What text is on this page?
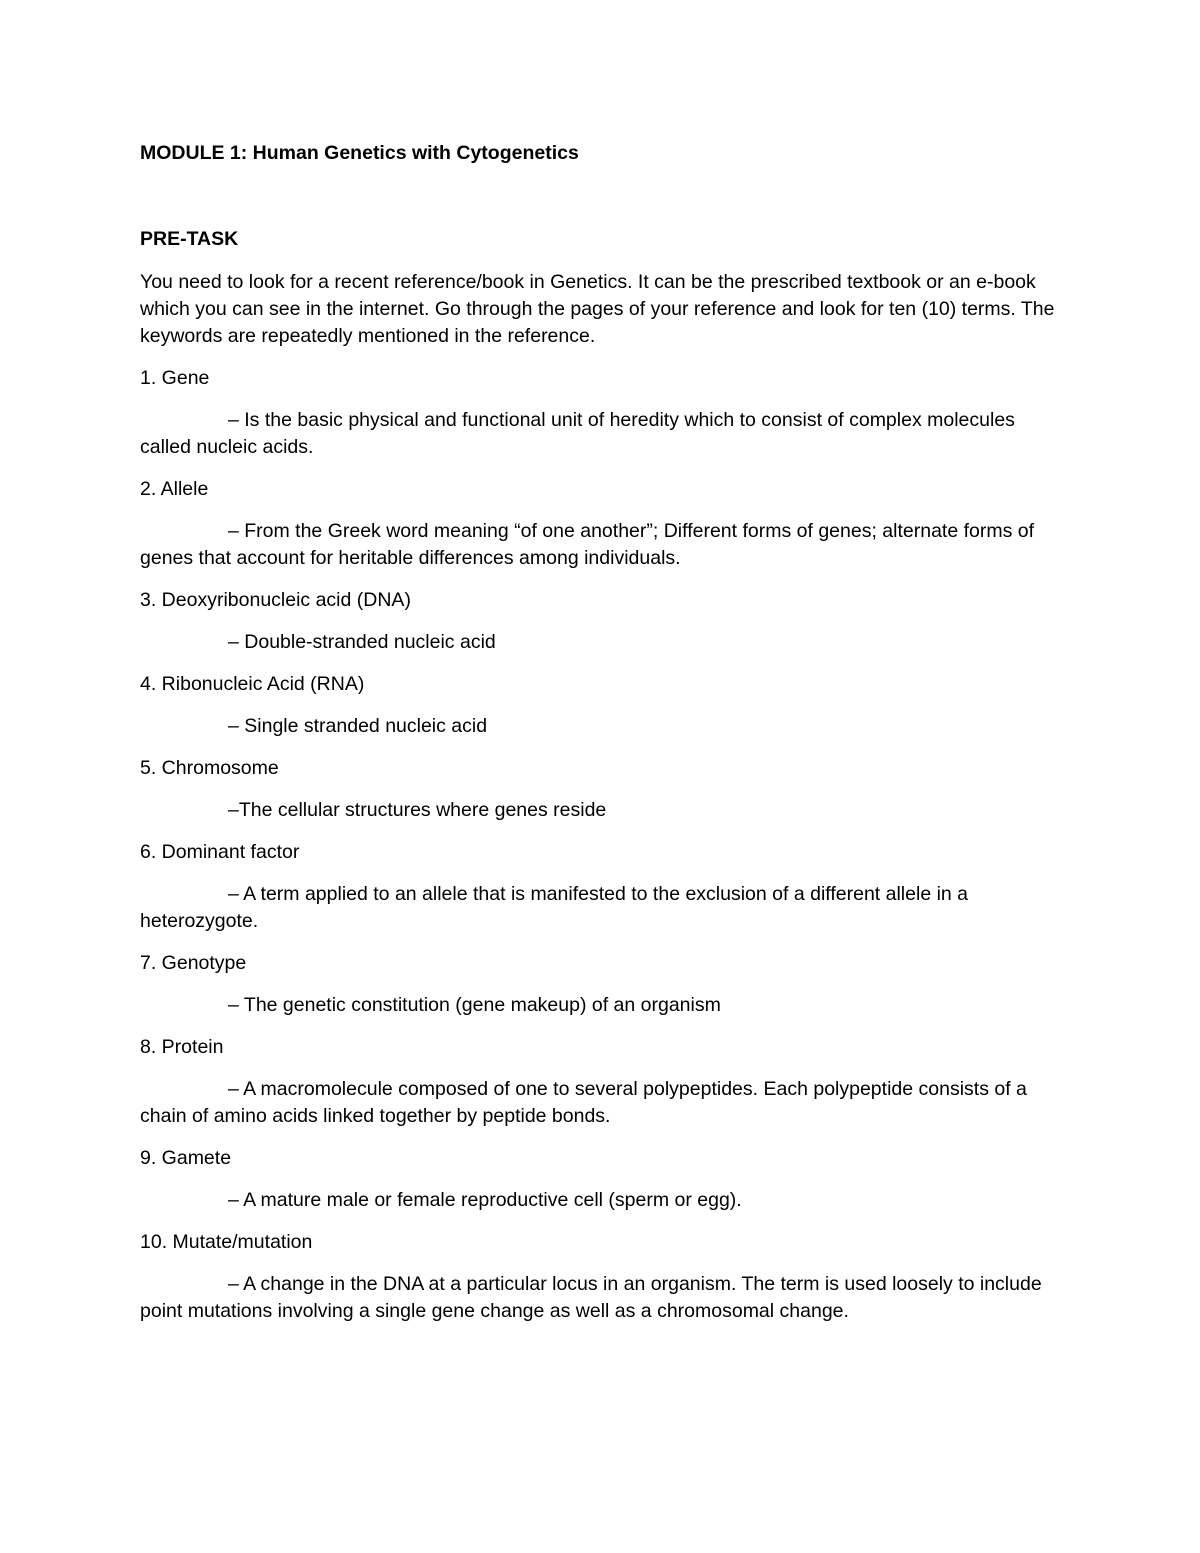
MODULE 1: Human Genetics with Cytogenetics

PRE-TASK

You need to look for a recent reference/book in Genetics. It can be the prescribed textbook or an e-book which you can see in the internet. Go through the pages of your reference and look for ten (10) terms. The keywords are repeatedly mentioned in the reference.

1. Gene

– Is the basic physical and functional unit of heredity which to consist of complex molecules called nucleic acids.

2. Allele

– From the Greek word meaning “of one another”; Different forms of genes; alternate forms of genes that account for heritable differences among individuals.

3. Deoxyribonucleic acid (DNA)

– Double-stranded nucleic acid

4. Ribonucleic Acid (RNA)

– Single stranded nucleic acid

5. Chromosome

–The cellular structures where genes reside

6. Dominant factor

– A term applied to an allele that is manifested to the exclusion of a different allele in a heterozygote.

7. Genotype

– The genetic constitution (gene makeup) of an organism

8. Protein

– A macromolecule composed of one to several polypeptides. Each polypeptide consists of a chain of amino acids linked together by peptide bonds.

9. Gamete

– A mature male or female reproductive cell (sperm or egg).

10. Mutate/mutation

– A change in the DNA at a particular locus in an organism. The term is used loosely to include point mutations involving a single gene change as well as a chromosomal change.
